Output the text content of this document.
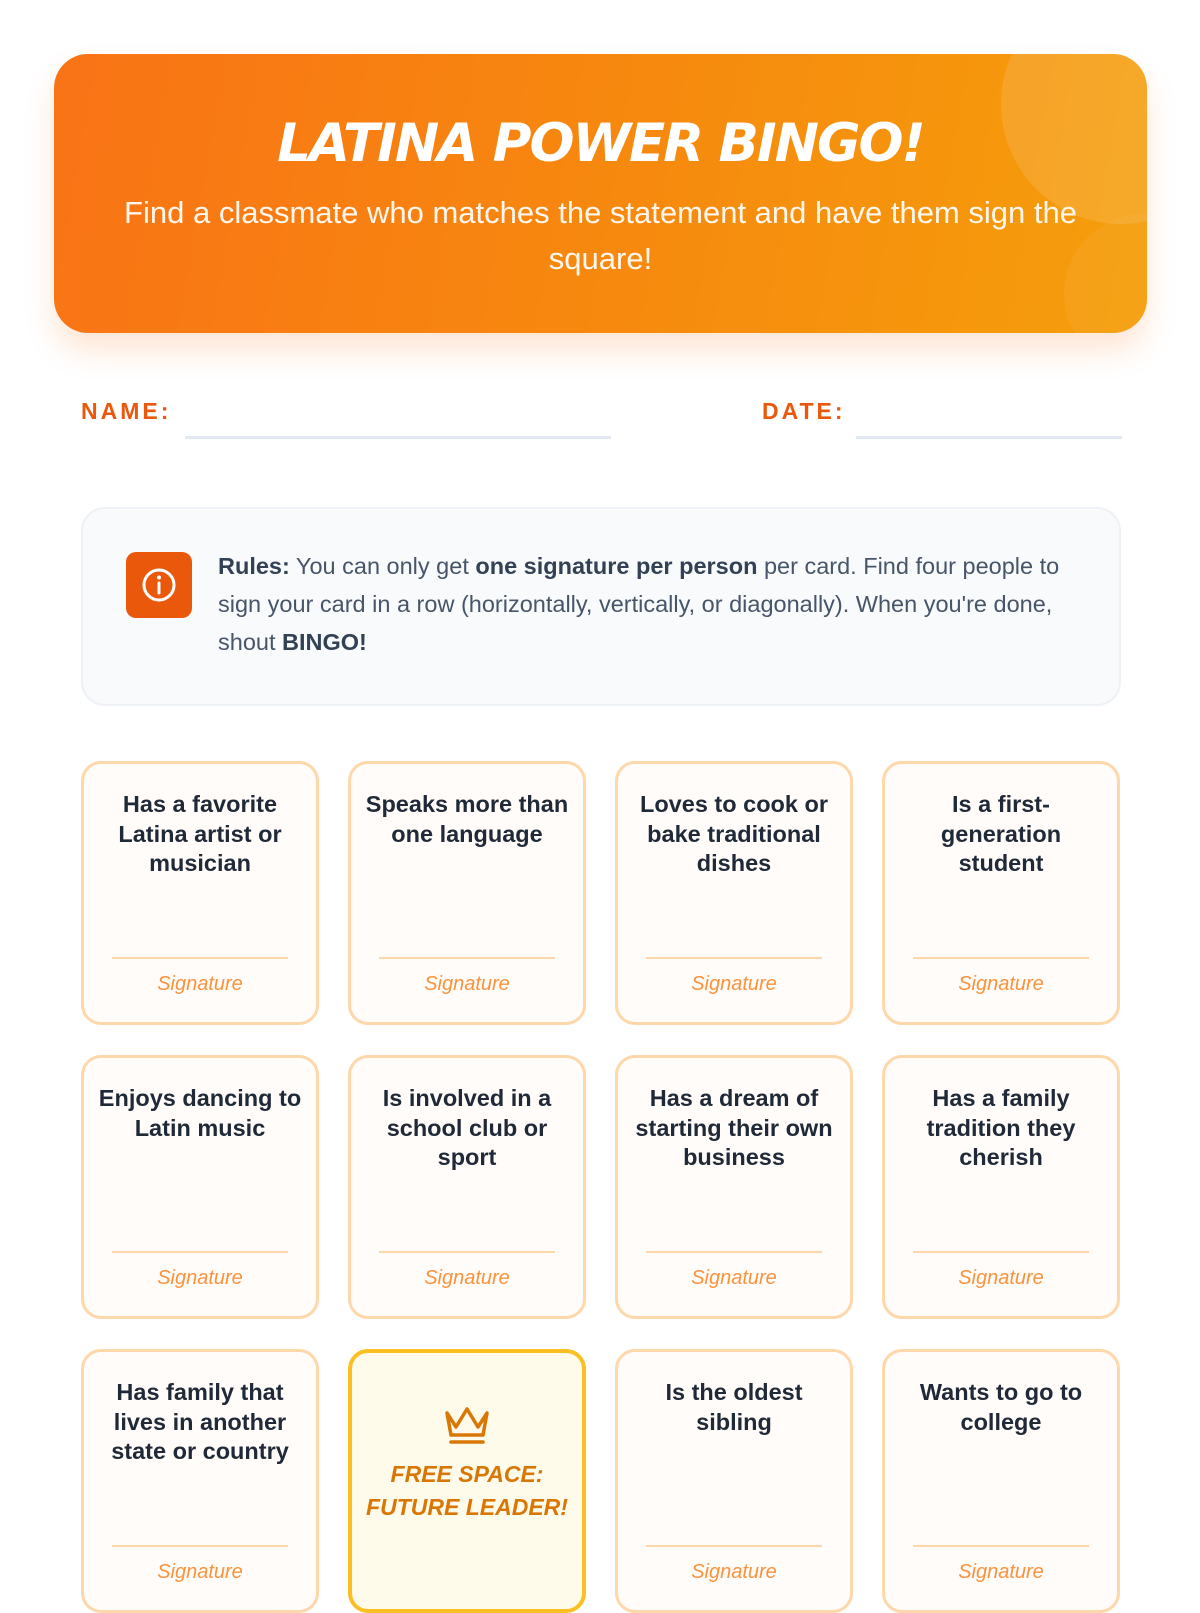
LATINA POWER BINGO!

Find a classmate who matches the statement and have them sign the square!

NAME:	DATE:
Rules: You can only get one signature per person per card. Find four people to sign your card in a row (horizontally, vertically, or diagonally). When you're done, shout BINGO!
Has a favorite Latina artist or musician
Signature
Speaks more than one language
Signature
Loves to cook or bake traditional dishes
Signature
Is a first-generation student
Signature
Enjoys dancing to Latin music
Signature
Is involved in a school club or sport
Signature
Has a dream of starting their own business
Signature
Has a family tradition they cherish
Signature
Has family that lives in another state or country
Signature
FREE SPACE: FUTURE LEADER!
Is the oldest sibling
Signature
Wants to go to college
Signature
